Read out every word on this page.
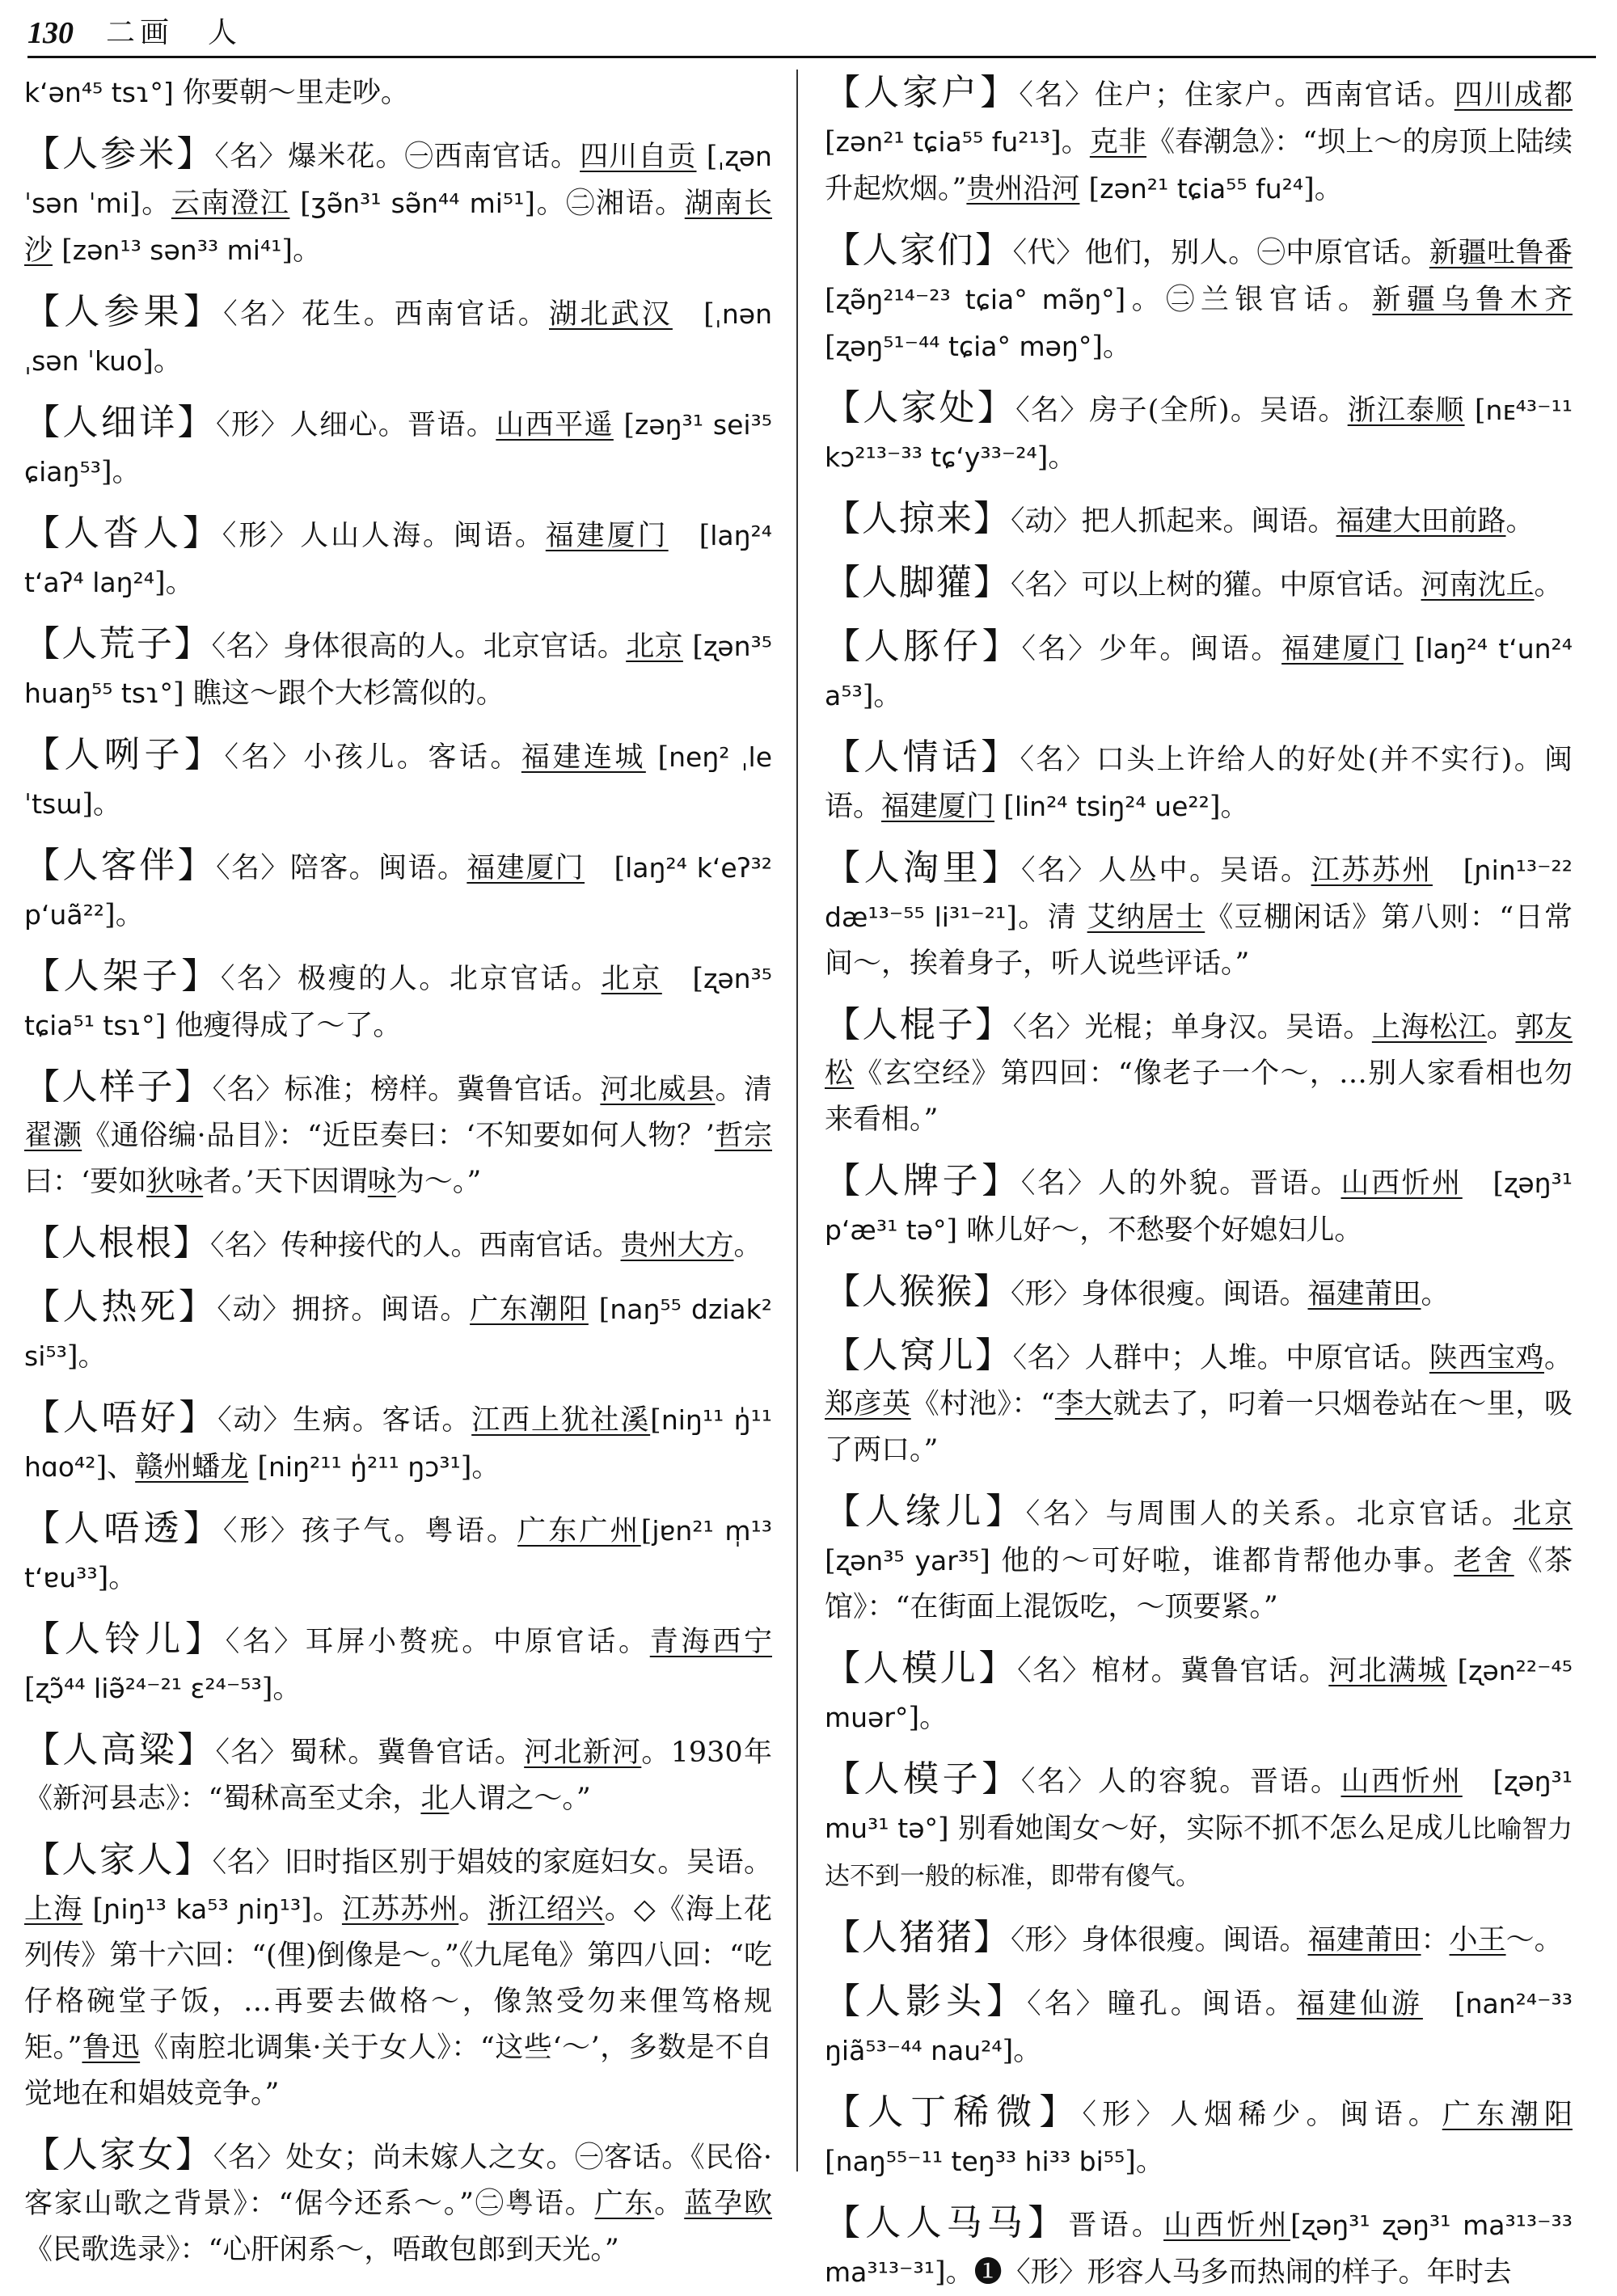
130 二画　人

k‘ən⁴⁵ tsɿ°] 你要朝～里走吵。

【人参米】〈名〉爆米花。㊀西南官话。四川自贡 [ˌʐən ˈsən ˈmi]。云南澄江 [ʒə̃n³¹ sə̃n⁴⁴ mi⁵¹]。㊁湘语。湖南长沙 [zən¹³ sən³³ mi⁴¹]。

【人参果】〈名〉花生。西南官话。湖北武汉　[ˌnən ˌsən ˈkuo]。

【人细详】〈形〉人细心。晋语。山西平遥 [zəŋ³¹ sei³⁵ ɕiaŋ⁵³]。

【人沓人】〈形〉人山人海。闽语。福建厦门　[laŋ²⁴ t‘aʔ⁴ laŋ²⁴]。

【人荒子】〈名〉身体很高的人。北京官话。北京 [ʐən³⁵ huaŋ⁵⁵ tsɿ°] 瞧这～跟个大杉篙似的。

【人咧子】〈名〉小孩儿。客话。福建连城 [neŋ² ˌle ˈtsɯ]。

【人客伴】〈名〉陪客。闽语。福建厦门　[laŋ²⁴ k‘eʔ³² p‘uã²²]。

【人架子】〈名〉极瘦的人。北京官话。北京　[ʐən³⁵ tɕia⁵¹ tsɿ°] 他瘦得成了～了。

【人样子】〈名〉标准；榜样。冀鲁官话。河北威县。清 翟灏《通俗编·品目》：“近臣奏曰：‘不知要如何人物？’哲宗曰：‘要如狄咏者。’天下因谓咏为～。”

【人根根】〈名〉传种接代的人。西南官话。贵州大方。

【人热死】〈动〉拥挤。闽语。广东潮阳 [naŋ⁵⁵ dziak² si⁵³]。

【人唔好】〈动〉生病。客话。江西上犹社溪[niŋ¹¹ ŋ̍¹¹ hɑo⁴²]、赣州蟠龙 [niŋ²¹¹ ŋ̍²¹¹ ŋɔ³¹]。

【人唔透】〈形〉孩子气。粤语。广东广州[jɐn²¹ m̩¹³ t‘ɐu³³]。

【人铃儿】〈名〉耳屏小赘疣。中原官话。青海西宁 [ʐɔ̃⁴⁴ liə̃²⁴⁻²¹ ɛ²⁴⁻⁵³]。

【人高粱】〈名〉蜀秫。冀鲁官话。河北新河。1930年《新河县志》：“蜀秫高至丈余，北人谓之～。”

【人家人】〈名〉旧时指区别于娼妓的家庭妇女。吴语。上海 [ɲiŋ¹³ ka⁵³ ɲiŋ¹³]。江苏苏州。浙江绍兴。◇《海上花列传》第十六回：“(俚)倒像是～。”《九尾龟》第四八回：“吃仔格碗堂子饭，…再要去做格～，像煞受勿来俚笃格规矩。”鲁迅《南腔北调集·关于女人》：“这些‘～’，多数是不自觉地在和娼妓竞争。”

【人家女】〈名〉处女；尚未嫁人之女。㊀客话。《民俗·客家山歌之背景》：“倨今还系～。”㊁粤语。广东。蓝孕欧《民歌选录》：“心肝闲系～，唔敢包郎到天光。”

【人家户】〈名〉住户；住家户。西南官话。四川成都 [zən²¹ tɕia⁵⁵ fu²¹³]。克非《春潮急》：“坝上～的房顶上陆续升起炊烟。”贵州沿河 [zən²¹ tɕia⁵⁵ fu²⁴]。

【人家们】〈代〉他们，别人。㊀中原官话。新疆吐鲁番 [ʐə̃ŋ²¹⁴⁻²³ tɕia° mə̃ŋ°]。㊁兰银官话。新疆乌鲁木齐 [ʐəŋ⁵¹⁻⁴⁴ tɕia° məŋ°]。

【人家处】〈名〉房子(全所)。吴语。浙江泰顺 [nᴇ⁴³⁻¹¹ kɔ²¹³⁻³³ tɕ‘y³³⁻²⁴]。

【人掠来】〈动〉把人抓起来。闽语。福建大田前路。

【人脚獾】〈名〉可以上树的獾。中原官话。河南沈丘。

【人豚仔】〈名〉少年。闽语。福建厦门 [laŋ²⁴ t‘un²⁴ a⁵³]。

【人情话】〈名〉口头上许给人的好处(并不实行)。闽语。福建厦门 [lin²⁴ tsiŋ²⁴ ue²²]。

【人淘里】〈名〉人丛中。吴语。江苏苏州　[ɲin¹³⁻²² dæ¹³⁻⁵⁵ li³¹⁻²¹]。清 艾纳居士《豆棚闲话》第八则：“日常间～，挨着身子，听人说些评话。”

【人棍子】〈名〉光棍；单身汉。吴语。上海松江。郭友松《玄空经》第四回：“像老子一个～，…别人家看相也勿来看相。”

【人牌子】〈名〉人的外貌。晋语。山西忻州　[ʐəŋ³¹ p‘æ³¹ tə°] 咻儿好～，不愁娶个好媳妇儿。

【人猴猴】〈形〉身体很瘦。闽语。福建莆田。

【人窝儿】〈名〉人群中；人堆。中原官话。陕西宝鸡。郑彦英《村池》：“李大就去了，叼着一只烟卷站在～里，吸了两口。”

【人缘儿】〈名〉与周围人的关系。北京官话。北京[ʐən³⁵ yar³⁵] 他的～可好啦，谁都肯帮他办事。老舍《茶馆》：“在街面上混饭吃，～顶要紧。”

【人模儿】〈名〉棺材。冀鲁官话。河北满城 [ʐən²²⁻⁴⁵ muər°]。

【人模子】〈名〉人的容貌。晋语。山西忻州　[ʐəŋ³¹ mu³¹ tə°] 别看她闺女～好，实际不抓不怎么足成儿比喻智力达不到一般的标准，即带有傻气。

【人猪猪】〈形〉身体很瘦。闽语。福建莆田：小王～。

【人影头】〈名〉瞳孔。闽语。福建仙游　[nan²⁴⁻³³ ŋiã⁵³⁻⁴⁴ nau²⁴]。

【人丁稀微】〈形〉人烟稀少。闽语。广东潮阳 [naŋ⁵⁵⁻¹¹ teŋ³³ hi³³ bi⁵⁵]。

【人人马马】晋语。山西忻州[ʐəŋ³¹ ʐəŋ³¹ ma³¹³⁻³³ ma³¹³⁻³¹]。❶〈形〉形容人马多而热闹的样子。年时去
